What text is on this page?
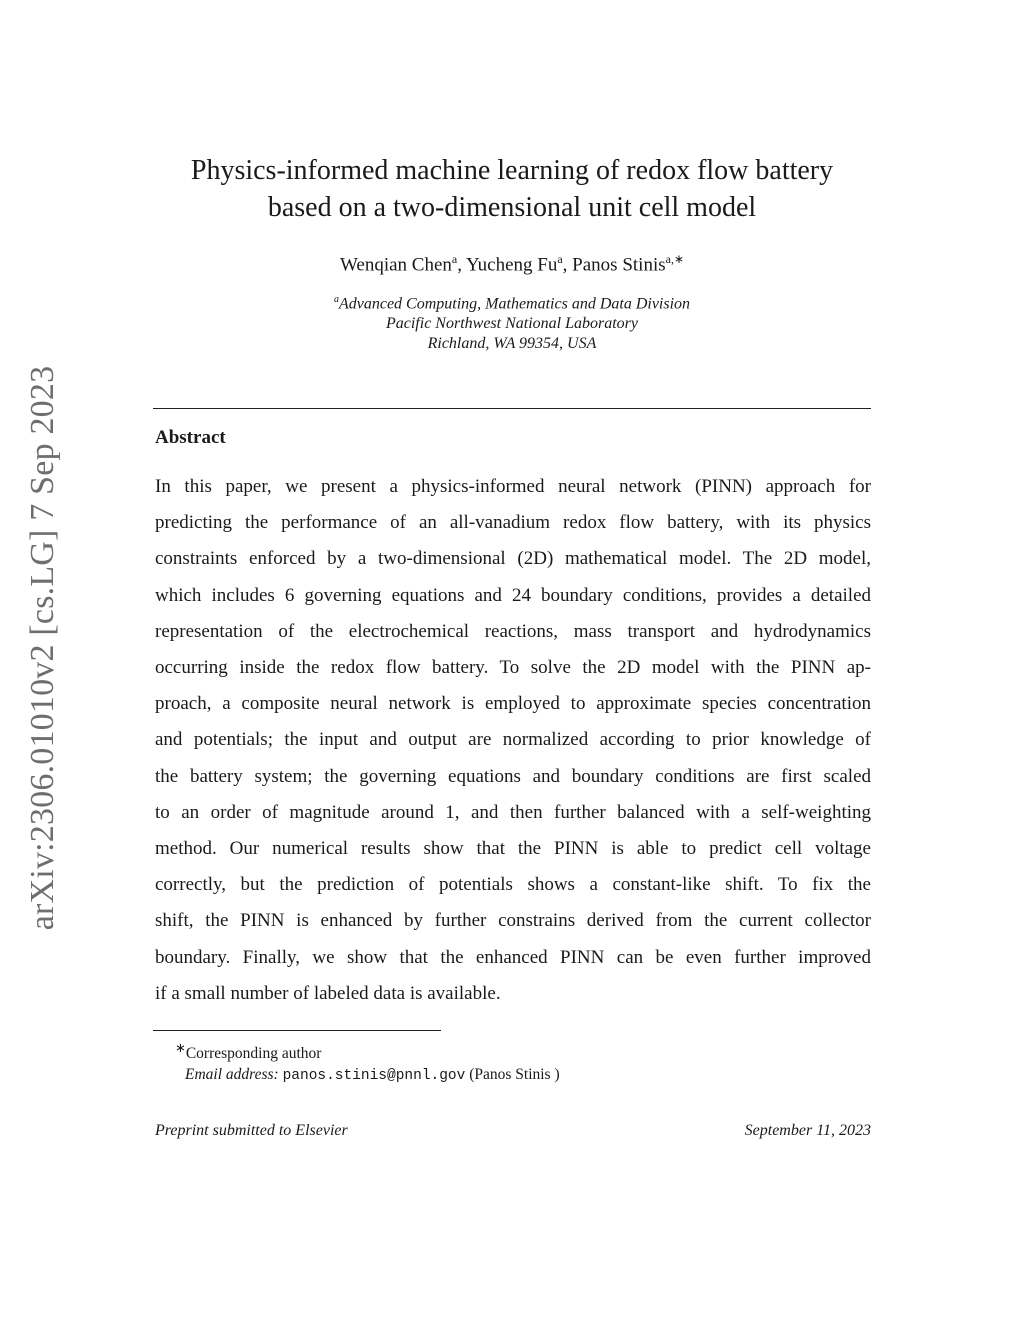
arXiv:2306.01010v2 [cs.LG] 7 Sep 2023
Physics-informed machine learning of redox flow battery
based on a two-dimensional unit cell model
Wenqian Chen$^a$, Yucheng Fu$^a$, Panos Stinis$^{a,∗}$
$^a$Advanced Computing, Mathematics and Data Division
Pacific Northwest National Laboratory
Richland, WA 99354, USA
Abstract
In this paper, we present a physics-informed neural network (PINN) approach for
predicting the performance of an all-vanadium redox flow battery, with its physics
constraints enforced by a two-dimensional (2D) mathematical model. The 2D model,
which includes 6 governing equations and 24 boundary conditions, provides a detailed
representation of the electrochemical reactions, mass transport and hydrodynamics
occurring inside the redox flow battery. To solve the 2D model with the PINN ap-
proach, a composite neural network is employed to approximate species concentration
and potentials; the input and output are normalized according to prior knowledge of
the battery system; the governing equations and boundary conditions are first scaled
to an order of magnitude around 1, and then further balanced with a self-weighting
method. Our numerical results show that the PINN is able to predict cell voltage
correctly, but the prediction of potentials shows a constant-like shift. To fix the
shift, the PINN is enhanced by further constrains derived from the current collector
boundary. Finally, we show that the enhanced PINN can be even further improved
if a small number of labeled data is available.
∗Corresponding author
Email address: panos.stinis@pnnl.gov (Panos Stinis )
Preprint submitted to Elsevier	September 11, 2023
